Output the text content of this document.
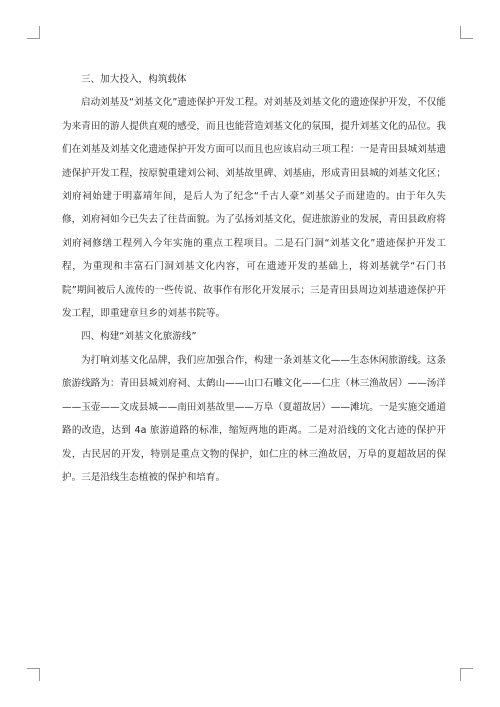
三、加大投入，构筑载体

启动刘基及“刘基文化”遗迹保护开发工程。对刘基及刘基文化的遗迹保护开发，不仅能为来青田的游人提供直观的感受，而且也能营造刘基文化的氛围，提升刘基文化的品位。我们在刘基及刘基文化遗迹保护开发方面可以而且也应该启动三项工程：一是青田县城刘基遗迹保护开发工程，按原貌重建刘公祠、刘基故里碑、刘基庙，形成青田县城的刘基文化区；刘府祠始建于明嘉靖年间，是后人为了纪念“千古人豪”刘基父子而建造的。由于年久失修，刘府祠如今已失去了往昔面貌。为了弘扬刘基文化，促进旅游业的发展，青田县政府将刘府祠修缮工程列入今年实施的重点工程项目。二是石门洞“刘基文化”遗迹保护开发工程，为重现和丰富石门洞刘基文化内容，可在遗迹开发的基础上，将刘基就学“石门书院”期间被后人流传的一些传说、故事作有形化开发展示；三是青田县周边刘基遗迹保护开发工程，即重建章旦乡的刘基书院等。

四、构建“刘基文化旅游线”

为打响刘基文化品牌，我们应加强合作，构建一条刘基文化——生态休闲旅游线。这条旅游线路为：青田县城刘府祠、太鹤山——山口石雕文化——仁庄（林三渔故居）——汤洋——玉壶——文成县城——南田刘基故里——万阜（夏超故居）——滩坑。一是实施交通道路的改造，达到 4a 旅游道路的标准，缩短两地的距离。二是对沿线的文化古迹的保护开发，古民居的开发，特别是重点文物的保护，如仁庄的林三渔故居，万阜的夏超故居的保护。三是沿线生态植被的保护和培育。
